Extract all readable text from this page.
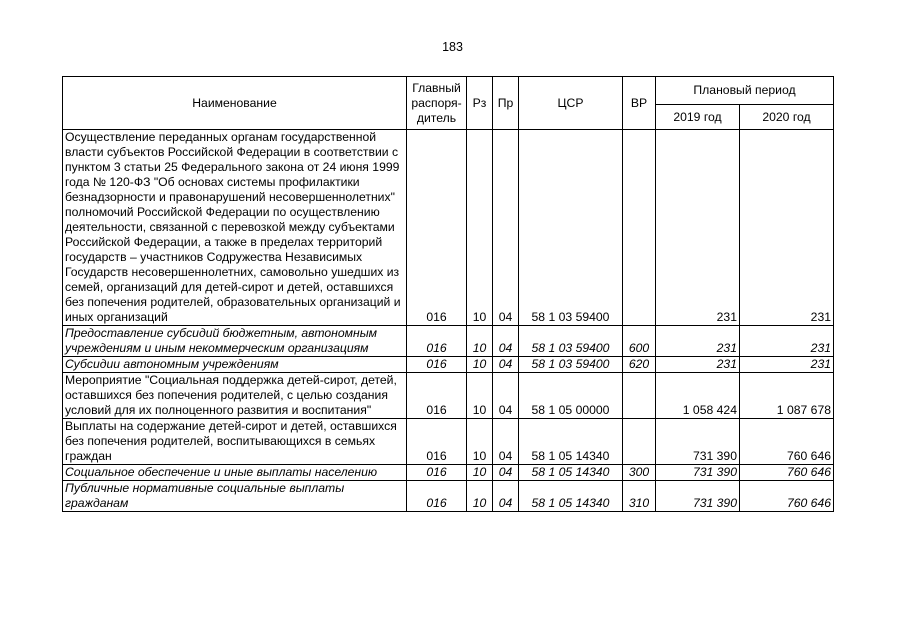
183
Наименование	Главный распоря- дитель	Рз	Пр	ЦСР	ВР	Плановый период	
						2019 год	2020 год
Осуществление переданных органам государственной власти субъектов Российской Федерации в соответствии с пунктом 3 статьи 25 Федерального закона от 24 июня 1999 года № 120-ФЗ "Об основах системы профилактики безнадзорности и правонарушений несовершеннолетних" полномочий Российской Федерации по осуществлению деятельности, связанной с перевозкой между субъектами Российской Федерации, а также в пределах территорий государств – участников Содружества Независимых Государств несовершеннолетних, самовольно ушедших из семей, организаций для детей-сирот и детей, оставшихся без попечения родителей, образовательных организаций и иных организаций	016	10	04	58 1 03 59400		231	231
Предоставление субсидий бюджетным, автономным учреждениям и иным некоммерческим организациям	016	10	04	58 1 03 59400	600	231	231
Субсидии автономным учреждениям	016	10	04	58 1 03 59400	620	231	231
Мероприятие "Социальная поддержка детей-сирот, детей, оставшихся без попечения родителей, с целью создания условий для их полноценного развития и воспитания"	016	10	04	58 1 05 00000		1 058 424	1 087 678
Выплаты на содержание детей-сирот и детей, оставшихся без попечения родителей, воспитывающихся в семьях граждан	016	10	04	58 1 05 14340		731 390	760 646
Социальное обеспечение и иные выплаты населению	016	10	04	58 1 05 14340	300	731 390	760 646
Публичные нормативные социальные выплаты гражданам	016	10	04	58 1 05 14340	310	731 390	760 646
